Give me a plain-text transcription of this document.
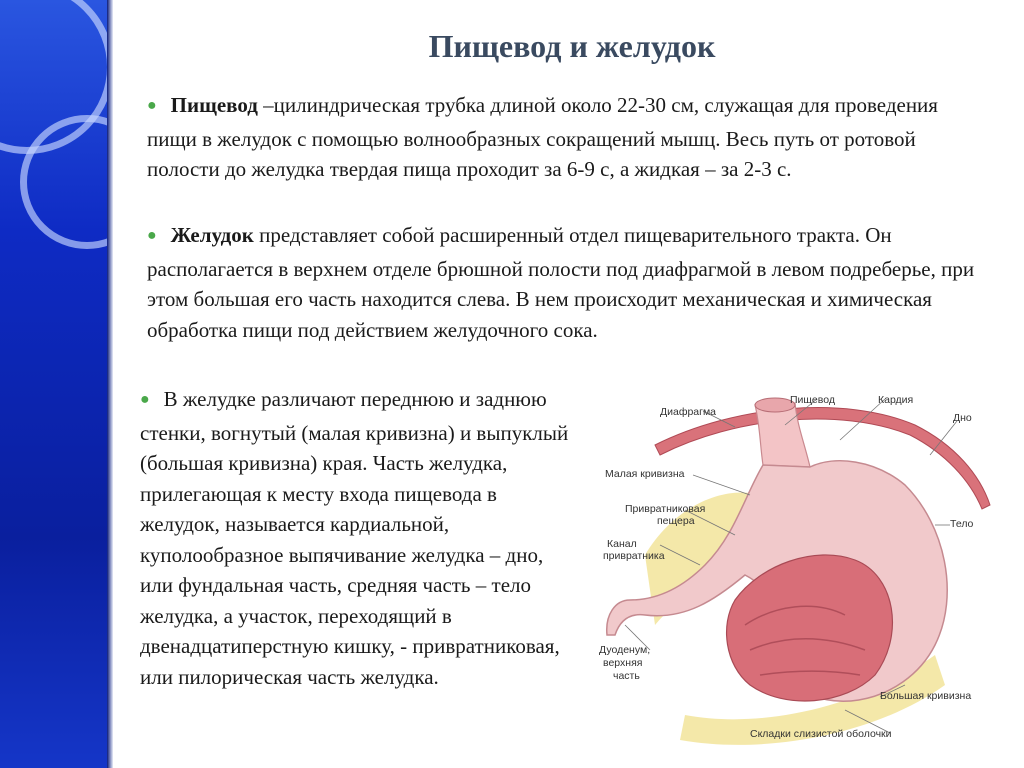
Пищевод и желудок
● Пищевод –цилиндрическая трубка длиной около 22-30 см, служащая для проведения пищи в желудок с помощью волнообразных сокращений мышц. Весь путь от ротовой полости до желудка твердая пища проходит за 6-9 с, а жидкая – за 2-3 с.
● Желудок представляет собой расширенный отдел пищеварительного тракта. Он располагается в верхнем отделе брюшной полости под диафрагмой в левом подреберье, при этом большая его часть находится слева. В нем происходит механическая и химическая обработка пищи под действием желудочного сока.
● В желудке различают переднюю и заднюю стенки, вогнутый (малая кривизна) и выпуклый (большая кривизна) края. Часть желудка, прилегающая к месту входа пищевода в желудок, называется кардиальной, куполообразное выпячивание желудка – дно, или фундальная часть, средняя часть – тело желудка, а участок, переходящий в двенадцатиперстную кишку, - привратниковая, или пилорическая часть желудка.
Диафрагма
Пищевод	Кардия
Дно
Малая кривизна
Тело
Привратниковая
пещера
Канал
привратника
Дуоденум,
верхняя
часть
Большая кривизна
Складки слизистой оболочки
